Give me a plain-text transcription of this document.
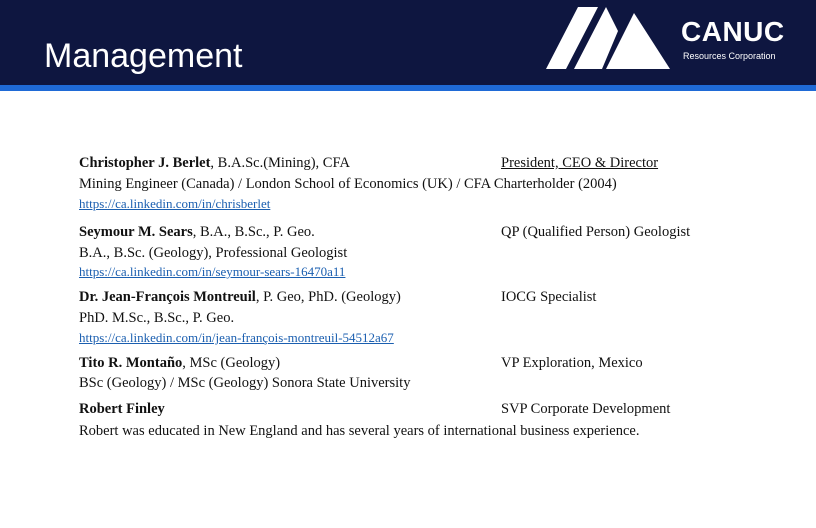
Management
CANUC
Resources Corporation
Christopher J. Berlet, B.A.Sc.(Mining), CFA	President, CEO & Director
Mining Engineer (Canada) / London School of Economics (UK) / CFA Charterholder (2004)
https://ca.linkedin.com/in/chrisberlet
Seymour M. Sears, B.A., B.Sc., P. Geo.	QP (Qualified Person) Geologist
B.A., B.Sc. (Geology), Professional Geologist
https://ca.linkedin.com/in/seymour-sears-16470a11
Dr. Jean-François Montreuil, P. Geo, PhD. (Geology)	IOCG Specialist
PhD. M.Sc., B.Sc., P. Geo.
https://ca.linkedin.com/in/jean-françois-montreuil-54512a67
Tito R. Montaño, MSc (Geology)	VP Exploration, Mexico
BSc (Geology) / MSc (Geology) Sonora State University
Robert Finley	SVP Corporate Development
Robert was educated in New England and has several years of international business experience.
